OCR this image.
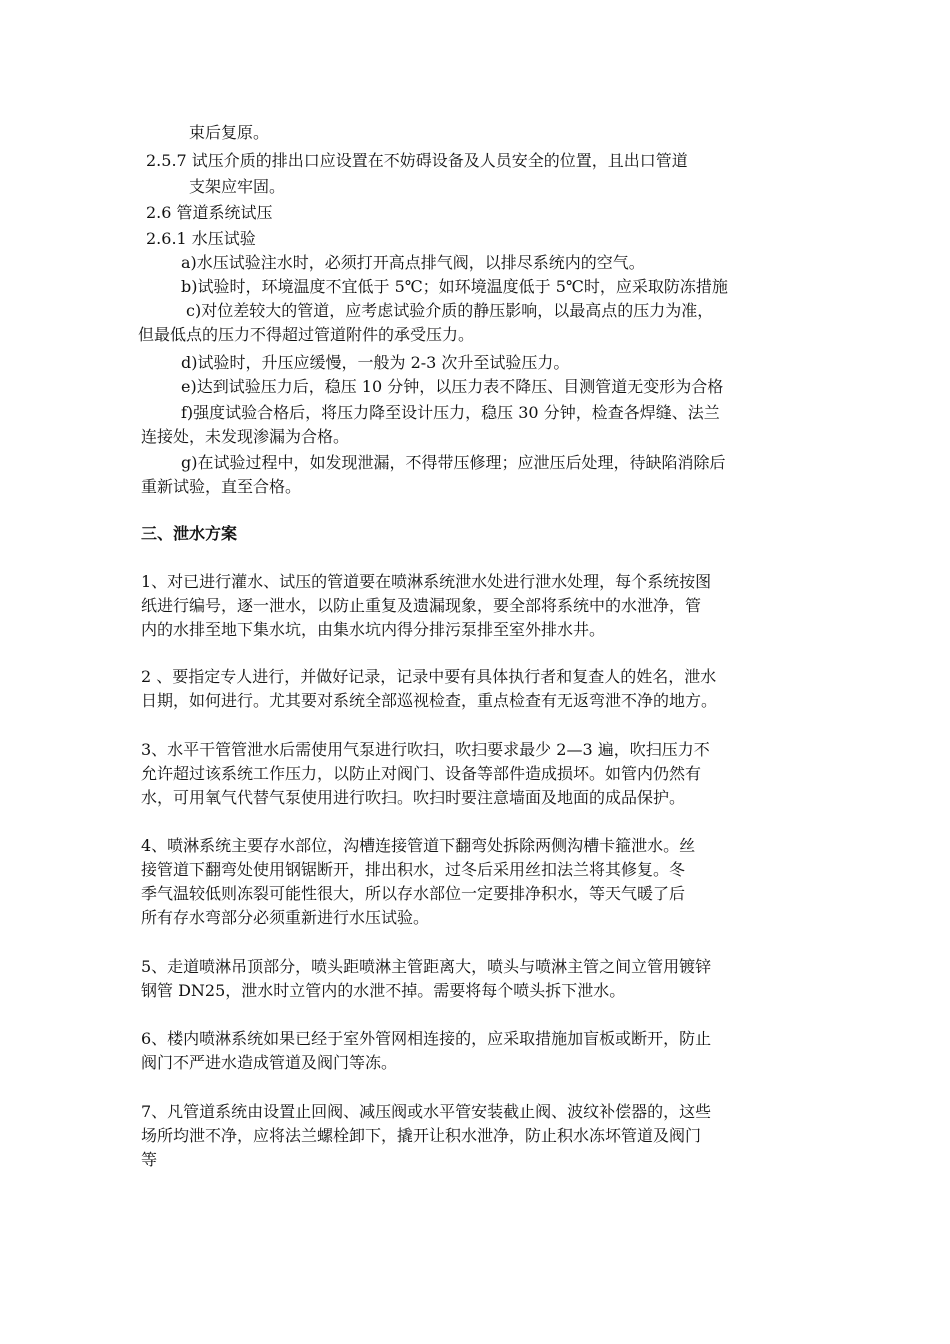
束后复原。

2.5.7 试压介质的排出口应设置在不妨碍设备及人员安全的位置，且出口管道

支架应牢固。

2.6 管道系统试压

2.6.1 水压试验

a)水压试验注水时，必须打开高点排气阀，以排尽系统内的空气。

b)试验时，环境温度不宜低于 5℃；如环境温度低于 5℃时，应采取防冻措施

c)对位差较大的管道，应考虑试验介质的静压影响，以最高点的压力为准，

但最低点的压力不得超过管道附件的承受压力。

d)试验时，升压应缓慢，一般为 2-3 次升至试验压力。

e)达到试验压力后，稳压 10 分钟，以压力表不降压、目测管道无变形为合格

f)强度试验合格后，将压力降至设计压力，稳压 30 分钟，检查各焊缝、法兰

连接处，未发现渗漏为合格。

g)在试验过程中，如发现泄漏，不得带压修理；应泄压后处理，待缺陷消除后

重新试验，直至合格。

三、泄水方案

1、对已进行灌水、试压的管道要在喷淋系统泄水处进行泄水处理，每个系统按图

纸进行编号，逐一泄水，以防止重复及遗漏现象，要全部将系统中的水泄净，管

内的水排至地下集水坑，由集水坑内得分排污泵排至室外排水井。

2 、要指定专人进行，并做好记录，记录中要有具体执行者和复查人的姓名，泄水

日期，如何进行。尤其要对系统全部巡视检查，重点检查有无返弯泄不净的地方。

3、水平干管管泄水后需使用气泵进行吹扫，吹扫要求最少 2—3 遍，吹扫压力不

允许超过该系统工作压力，以防止对阀门、设备等部件造成损坏。如管内仍然有

水，可用氧气代替气泵使用进行吹扫。吹扫时要注意墙面及地面的成品保护。

4、喷淋系统主要存水部位，沟槽连接管道下翻弯处拆除两侧沟槽卡箍泄水。丝

接管道下翻弯处使用钢锯断开，排出积水，过冬后采用丝扣法兰将其修复。冬

季气温较低则冻裂可能性很大，所以存水部位一定要排净积水，等天气暖了后

所有存水弯部分必须重新进行水压试验。

5、走道喷淋吊顶部分，喷头距喷淋主管距离大，喷头与喷淋主管之间立管用镀锌

钢管 DN25，泄水时立管内的水泄不掉。需要将每个喷头拆下泄水。

6、楼内喷淋系统如果已经于室外管网相连接的，应采取措施加盲板或断开，防止

阀门不严进水造成管道及阀门等冻。

7、凡管道系统由设置止回阀、减压阀或水平管安装截止阀、波纹补偿器的，这些

场所均泄不净，应将法兰螺栓卸下，撬开让积水泄净，防止积水冻坏管道及阀门

等
